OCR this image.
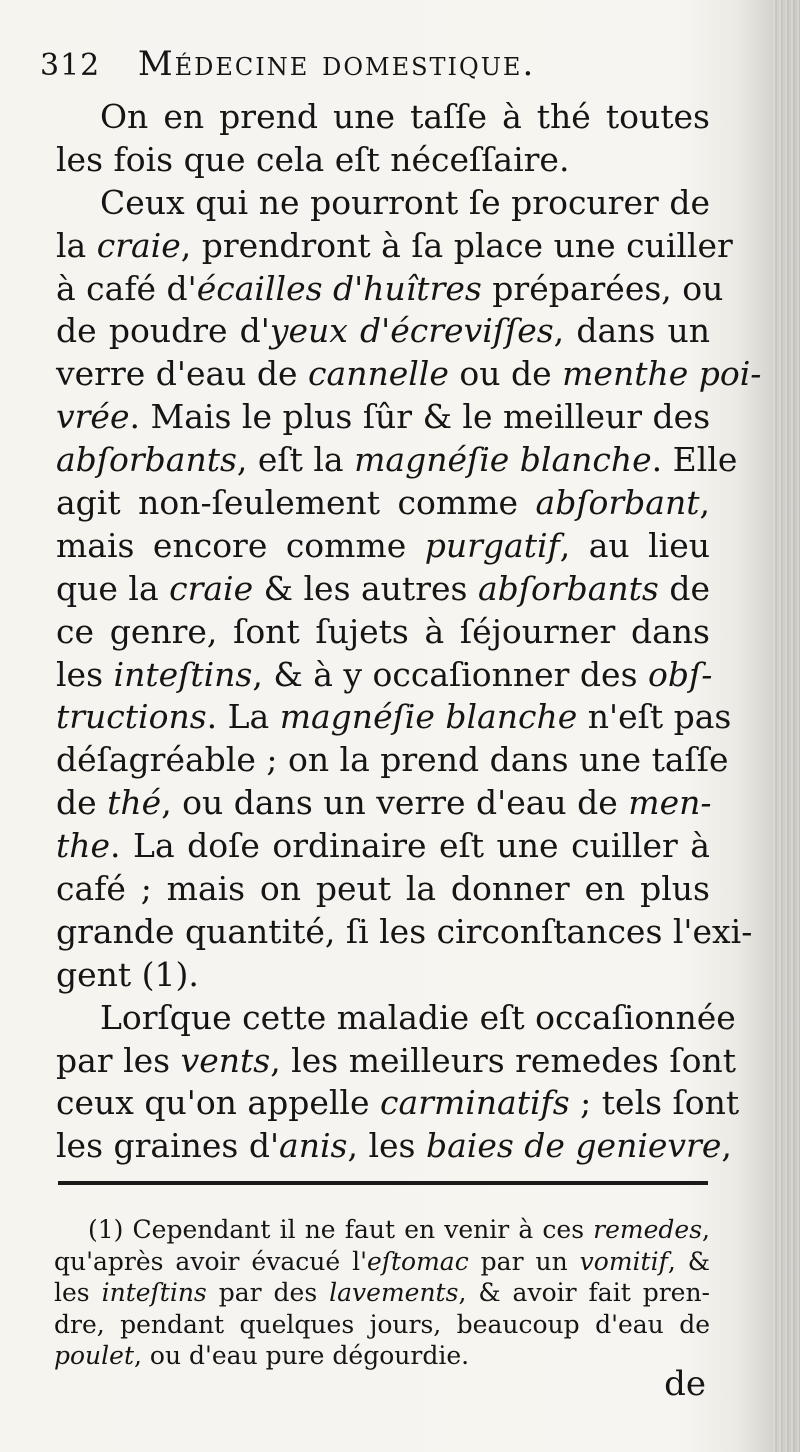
312 Médecine domestique.
On en prend une taſſe à thé toutes
les fois que cela eſt néceſſaire.
Ceux qui ne pourront ſe procurer de
la craie, prendront à ſa place une cuiller
à café d'écailles d'huîtres préparées, ou
de poudre d'yeux d'écreviſſes, dans un
verre d'eau de cannelle ou de menthe poi-
vrée. Mais le plus ſûr & le meilleur des
abſorbants, eſt la magnéſie blanche. Elle
agit non-ſeulement comme abſorbant,
mais encore comme purgatif, au lieu
que la craie & les autres abſorbants de
ce genre, ſont ſujets à ſéjourner dans
les inteſtins, & à y occaſionner des obſ-
tructions. La magnéſie blanche n'eſt pas
déſagréable ; on la prend dans une taſſe
de thé, ou dans un verre d'eau de men-
the. La doſe ordinaire eſt une cuiller à
café ; mais on peut la donner en plus
grande quantité, ſi les circonſtances l'exi-
gent (1).
Lorſque cette maladie eſt occaſionnée
par les vents, les meilleurs remedes ſont
ceux qu'on appelle carminatifs ; tels ſont
les graines d'anis, les baies de genievre
(1) Cependant il ne faut en venir à ces remedes,
qu'après avoir évacué l'eſtomac par un vomitif, &
les inteſtins par des lavements, & avoir fait pren-
dre, pendant quelques jours, beaucoup d'eau de
poulet, ou d'eau pure dégourdie.
de
